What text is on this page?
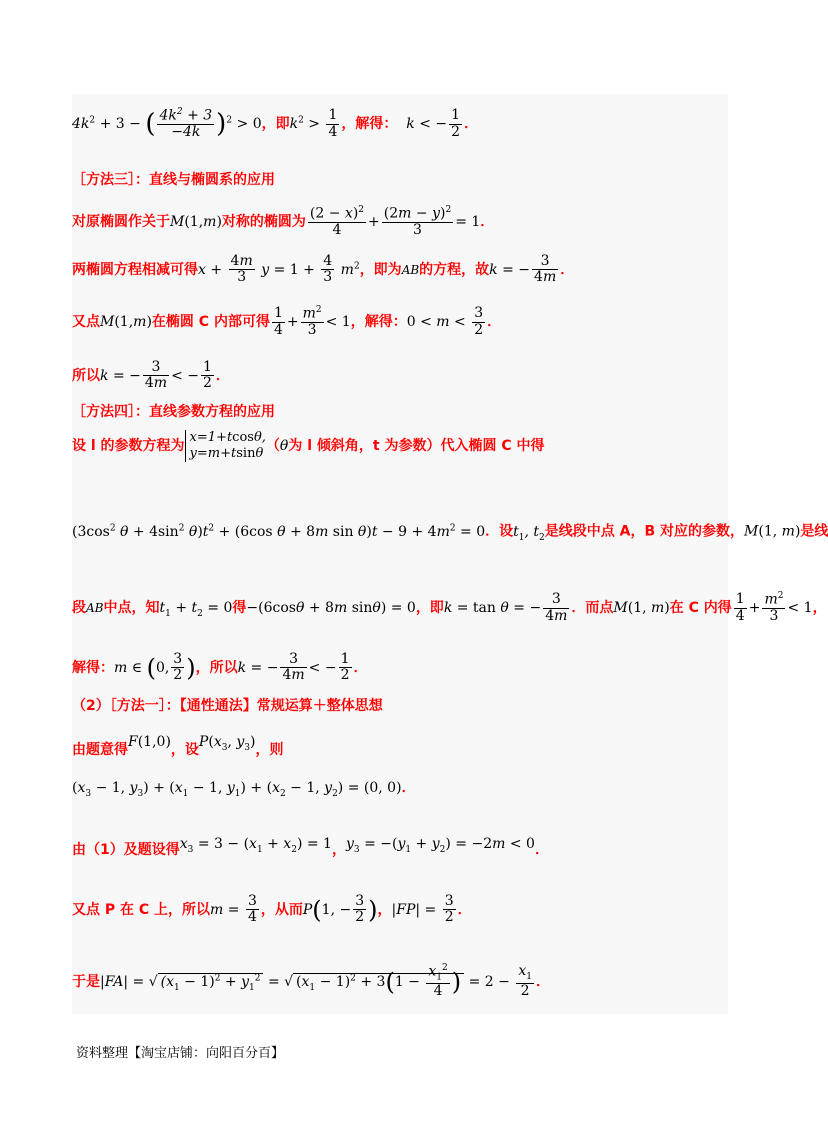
$4k^2 + 3$ − ( $\frac{4k^2 + 3}{-4k} )^2 > 0$，即$k^2 > \frac{1}{4}$ ，解得： k < − $\frac{1}{2}$ ．
［方法三］：直线与椭圆系的应用
对原椭圆作关于M(1,m)对称的椭圆为 $\frac{(2 - x)^2}{4} + \frac{(2m - y)^2}{3} = 1$．
两椭圆方程相减可得$x + \frac{4m}{3}$ $y = 1 + \frac{4}{3} m^2$，即为AB的方程，故k = − $\frac{3}{4m}$ ．
又点M(1,m)在椭圆 C 内部可得 $\frac{1}{4} + \frac{m^2}{3} < 1$，解得：$0 < m < \frac{3}{2}$ ．
所以k = − $\frac{3}{4m}$ < − $\frac{1}{2}$ ．
［方法四］：直线参数方程的应用
设 l 的参数方程为x=1+tcosθ,
y=m+tsinθ （θ为 l 倾斜角，t 为参数）代入椭圆 C 中得
($3\cos^2$ $\theta + 4\sin^2$ $\theta)t^2 + (6\cos$ θ + 8m $\sin \theta)t - 9 + 4m^2 = 0$．设$t_1$, $t_2$是线段中点 A，B 对应的参数，M(1, m)是线
段AB中点，知$t_1 + t_2 = 0$得−(6cosθ + 8m sinθ) = 0，即k = tan θ = − $\frac{3}{4m}$ ．而点M(1, m)在 C 内得 $\frac{1}{4} + \frac{m^2}{3} < 1$，
解得：m ∈ (0, $\frac{3}{2}$ )，所以k = − $\frac{3}{4m}$ < − $\frac{1}{2}$ ．
（2）［方法一］：【通性通法】常规运算＋整体思想
由题意得F(1,0)，设$P(x_3$, $y_3$)，则
($x_3 - 1$, $y_3) + (x_1 - 1$, $y_1) + (x_2 - 1$, $y_2) = (0$, 0)．
由（1）及题设得$x_3 = 3 - (x_1 + x_2) = 1$，$y_3 = -(y_1 + y_2) = -2m < 0$．
又点 P 在 C 上，所以$m = \frac{3}{4}$ ，从而P(1, − $\frac{3}{2}$ )，$|FP| = \frac{3}{2}$ ．
于是|FA| = √ $(x_1 - 1)^2 + y_1^2$ = √ $(x_1 - 1)^2 + 3(1 - \frac{x_1^2}{4}$ ) = $2 - \frac{x_1}{2}$ ．
资料整理【淘宝店铺：向阳百分百】
